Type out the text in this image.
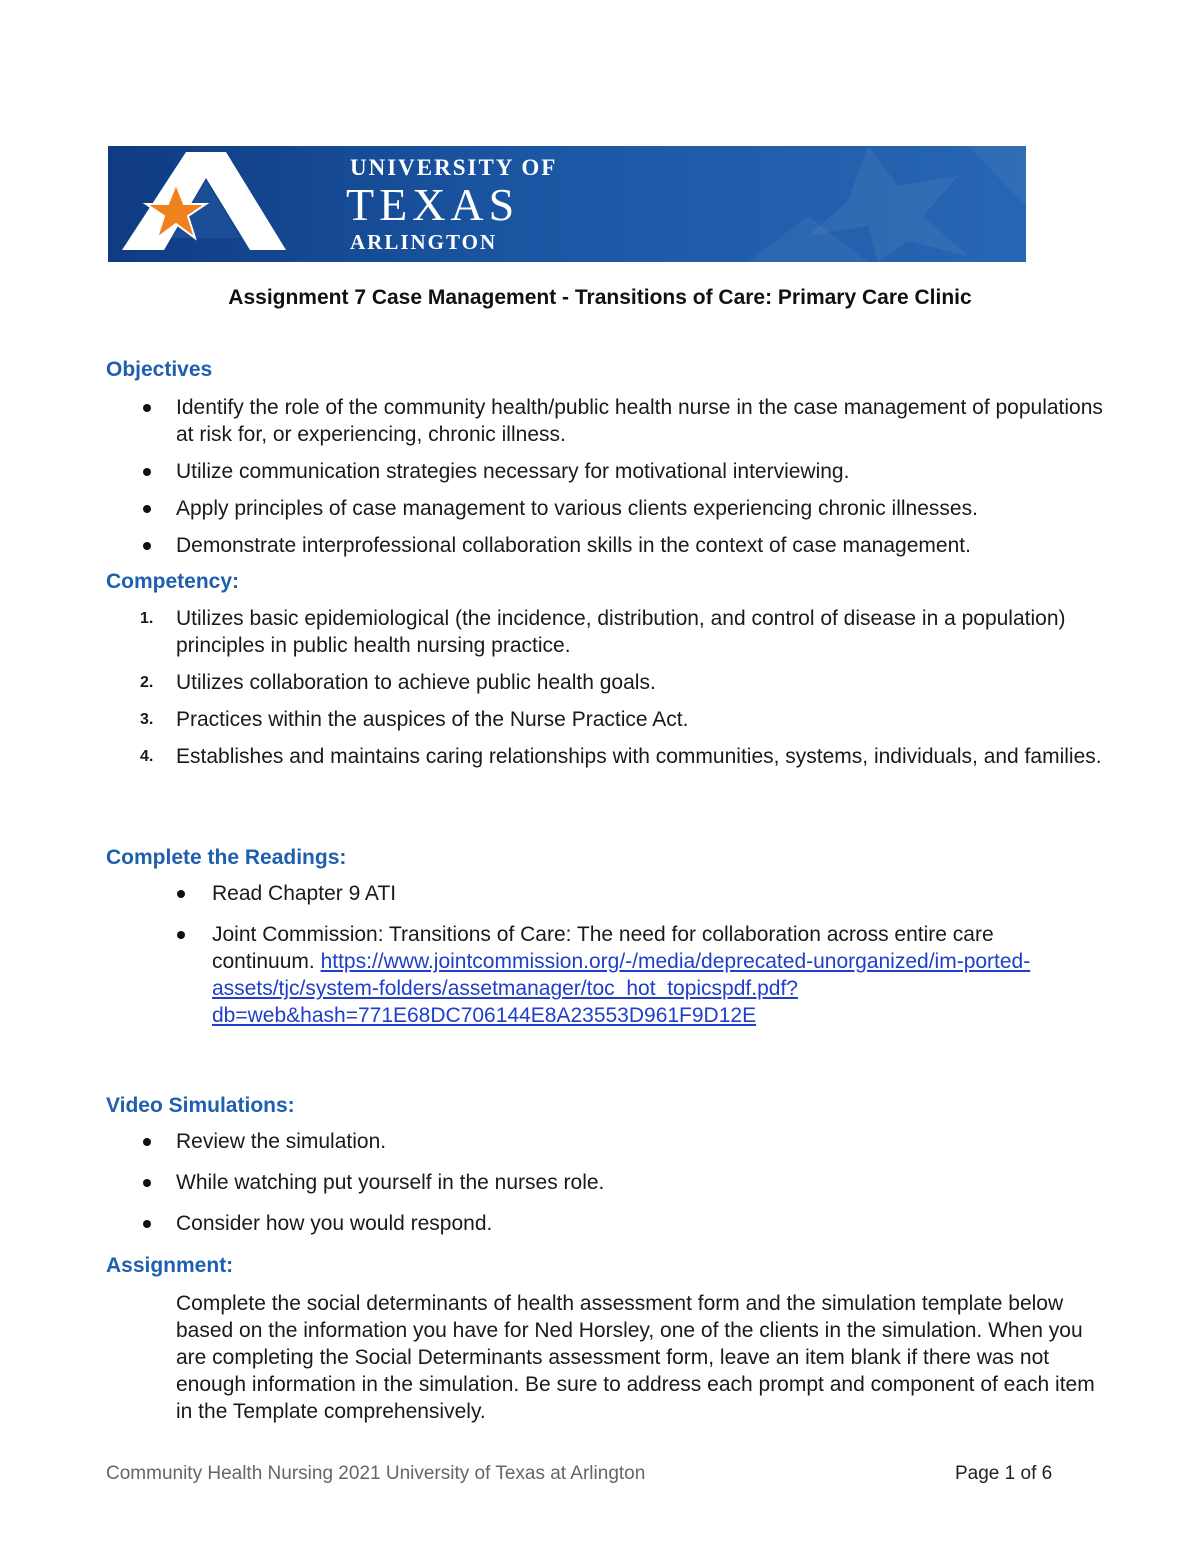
UNIVERSITY OF
TEXAS
ARLINGTON
Assignment 7 Case Management - Transitions of Care: Primary Care Clinic
Objectives
Identify the role of the community health/public health nurse in the case management of populations at risk for, or experiencing, chronic illness.
Utilize communication strategies necessary for motivational interviewing.
Apply principles of case management to various clients experiencing chronic illnesses.
Demonstrate interprofessional collaboration skills in the context of case management.
Competency:
1. Utilizes basic epidemiological (the incidence, distribution, and control of disease in a population) principles in public health nursing practice.
2. Utilizes collaboration to achieve public health goals.
3. Practices within the auspices of the Nurse Practice Act.
4. Establishes and maintains caring relationships with communities, systems, individuals, and families.
Complete the Readings:
Read Chapter 9 ATI
Joint Commission: Transitions of Care: The need for collaboration across entire care continuum. https://www.jointcommission.org/-/media/deprecated-unorganized/im-ported-assets/tjc/system-folders/assetmanager/toc_hot_topicspdf.pdf?db=web&hash=771E68DC706144E8A23553D961F9D12E
Video Simulations:
Review the simulation.
While watching put yourself in the nurses role.
Consider how you would respond.
Assignment:
Complete the social determinants of health assessment form and the simulation template below based on the information you have for Ned Horsley, one of the clients in the simulation. When you are completing the Social Determinants assessment form, leave an item blank if there was not enough information in the simulation. Be sure to address each prompt and component of each item in the Template comprehensively.
Community Health Nursing 2021 University of Texas at Arlington	Page 1 of 6
